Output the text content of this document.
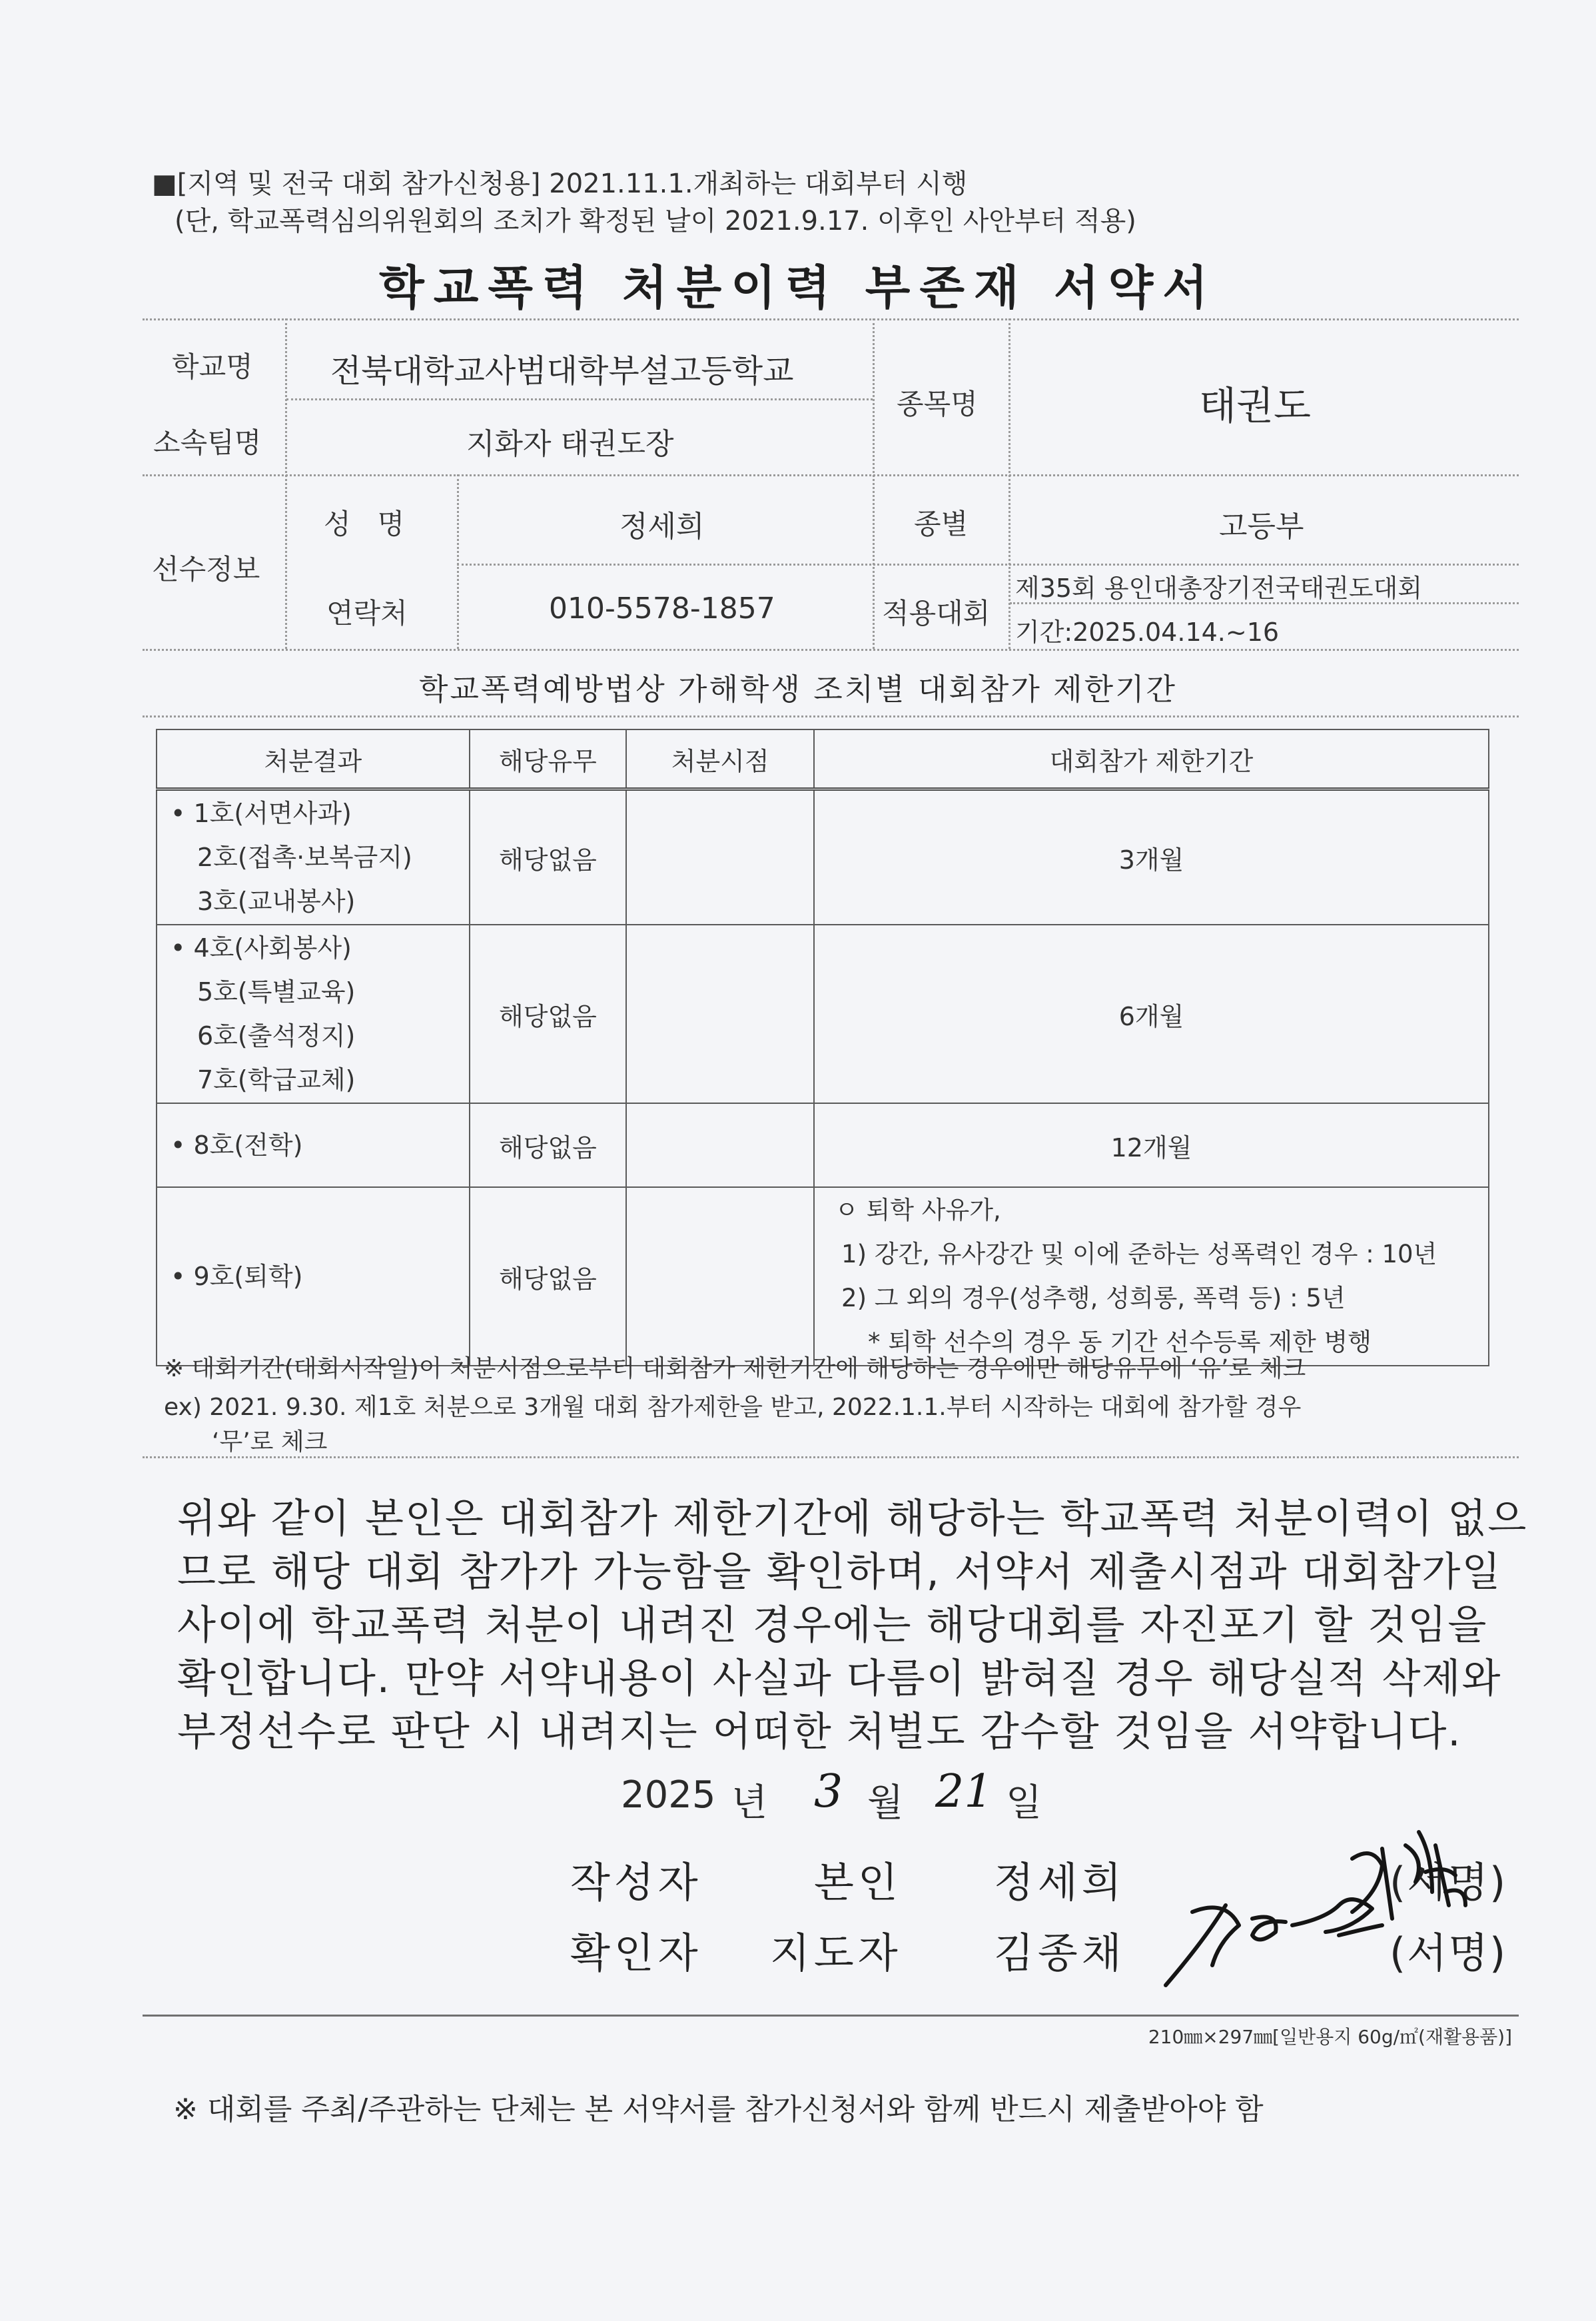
■[지역 및 전국 대회 참가신청용] 2021.11.1.개최하는 대회부터 시행
(단, 학교폭력심의위원회의 조치가 확정된 날이 2021.9.17. 이후인 사안부터 적용)
학교폭력 처분이력 부존재 서약서
학교명 전북대학교사범대학부설고등학교
소속팀명	지화자 태권도장
종목명	태권도
선수정보
성   명	정세희	종별	고등부
연락처	010-5578-1857	적용대회
제35회 용인대총장기전국태권도대회
기간:2025.04.14.~16
학교폭력예방법상 가해학생 조치별 대회참가 제한기간
처분결과	해당유무	처분시점	대회참가 제한기간

• 1호(서면사과)
2호(접촉·보복금지)
3호(교내봉사)	해당없음		3개월

• 4호(사회봉사)
5호(특별교육)
6호(출석정지)
7호(학급교체)	해당없음		6개월

• 8호(전학)	해당없음		12개월

• 9호(퇴학)	해당없음		ㅇ 퇴학 사유가,
1) 강간, 유사강간 및 이에 준하는 성폭력인 경우 : 10년
2) 그 외의 경우(성추행, 성희롱, 폭력 등) : 5년
* 퇴학 선수의 경우 동 기간 선수등록 제한 병행
※ 대회기간(대회시작일)이 처분시점으로부터 대회참가 제한기간에 해당하는 경우에만 해당유무에 ‘유’로 체크
ex) 2021. 9.30. 제1호 처분으로 3개월 대회 참가제한을 받고, 2022.1.1.부터 시작하는 대회에 참가할 경우
‘무’로 체크
위와 같이 본인은 대회참가 제한기간에 해당하는 학교폭력 처분이력이 없으
므로 해당 대회 참가가 가능함을 확인하며, 서약서 제출시점과 대회참가일
사이에 학교폭력 처분이 내려진 경우에는 해당대회를 자진포기 할 것임을
확인합니다. 만약 서약내용이 사실과 다름이 밝혀질 경우 해당실적 삭제와
부정선수로 판단 시 내려지는 어떠한 처벌도 감수할 것임을 서약합니다.
2025 년 3 월 21 일
작성자	본인 정세희	(서명)
확인자 지도자 김종채	(서명)
210㎜×297㎜[일반용지 60g/㎡(재활용품)]
※ 대회를 주최/주관하는 단체는 본 서약서를 참가신청서와 함께 반드시 제출받아야 함
